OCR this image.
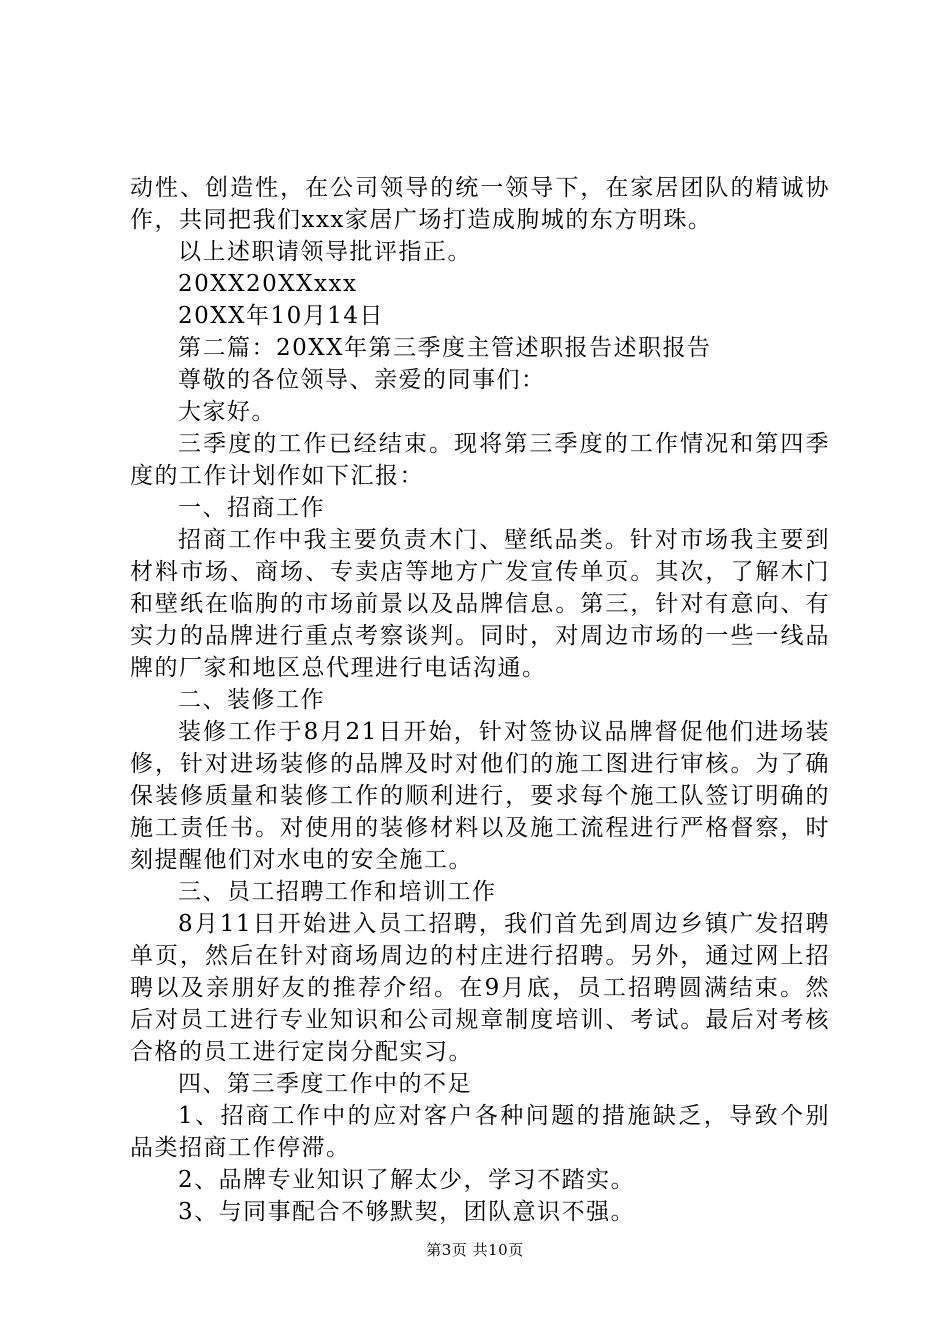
动性、创造性，在公司领导的统一领导下，在家居团队的精诚协作，共同把我们xxx家居广场打造成朐城的东方明珠。

以上述职请领导批评指正。

20XX20XXxxx

20XX年10月14日

第二篇：20XX年第三季度主管述职报告述职报告

尊敬的各位领导、亲爱的同事们：

大家好。

三季度的工作已经结束。现将第三季度的工作情况和第四季度的工作计划作如下汇报：

一、招商工作

招商工作中我主要负责木门、壁纸品类。针对市场我主要到材料市场、商场、专卖店等地方广发宣传单页。其次，了解木门和壁纸在临朐的市场前景以及品牌信息。第三，针对有意向、有实力的品牌进行重点考察谈判。同时，对周边市场的一些一线品牌的厂家和地区总代理进行电话沟通。

二、装修工作

装修工作于8月21日开始，针对签协议品牌督促他们进场装修，针对进场装修的品牌及时对他们的施工图进行审核。为了确保装修质量和装修工作的顺利进行，要求每个施工队签订明确的施工责任书。对使用的装修材料以及施工流程进行严格督察，时刻提醒他们对水电的安全施工。

三、员工招聘工作和培训工作

8月11日开始进入员工招聘，我们首先到周边乡镇广发招聘单页，然后在针对商场周边的村庄进行招聘。另外，通过网上招聘以及亲朋好友的推荐介绍。在9月底，员工招聘圆满结束。然后对员工进行专业知识和公司规章制度培训、考试。最后对考核合格的员工进行定岗分配实习。

四、第三季度工作中的不足

1、招商工作中的应对客户各种问题的措施缺乏，导致个别品类招商工作停滞。

2、品牌专业知识了解太少，学习不踏实。

3、与同事配合不够默契，团队意识不强。

第3页 共10页
